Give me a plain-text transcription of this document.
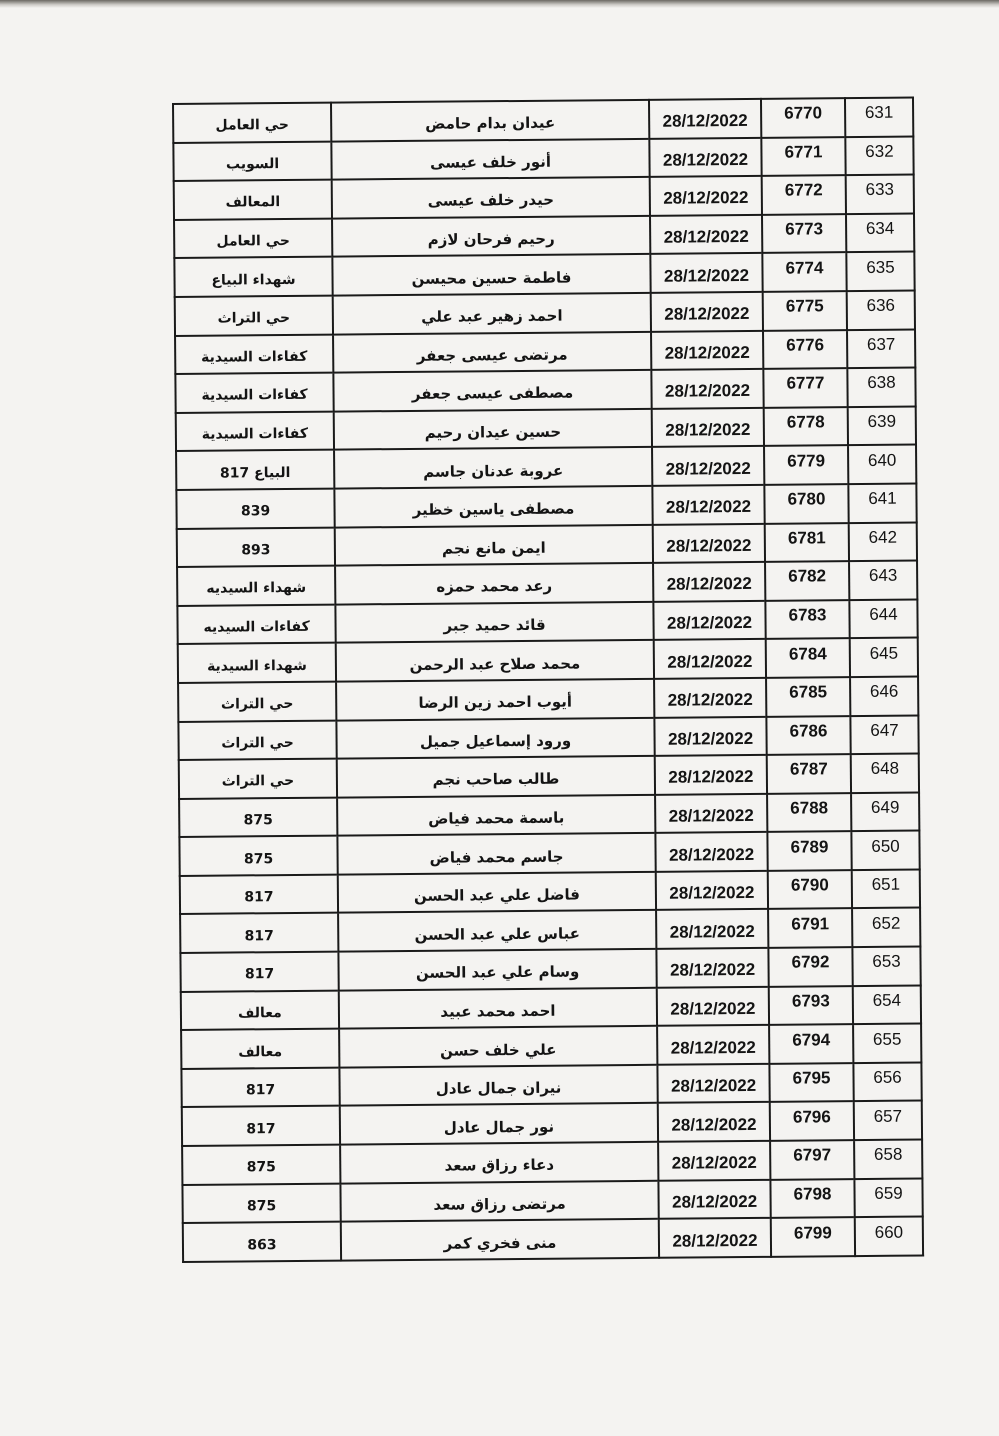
631	6770	28/12/2022	عيدان بدام حامض	حي العامل
632	6771	28/12/2022	أنور خلف عيسى	السويب
633	6772	28/12/2022	حيدر خلف عيسى	المعالف
634	6773	28/12/2022	رحيم فرحان لازم	حي العامل
635	6774	28/12/2022	فاطمة حسين محيسن	شهداء البياع
636	6775	28/12/2022	احمد زهير عبد علي	حي التراث
637	6776	28/12/2022	مرتضى عيسى جعفر	كفاءات السيدية
638	6777	28/12/2022	مصطفى عيسى جعفر	كفاءات السيدية
639	6778	28/12/2022	حسين عيدان رحيم	كفاءات السيدية
640	6779	28/12/2022	عروبة عدنان جاسم	البياع 817
641	6780	28/12/2022	مصطفى ياسين خظير	839
642	6781	28/12/2022	ايمن مانع نجم	893
643	6782	28/12/2022	رعد محمد حمزه	شهداء السيديه
644	6783	28/12/2022	قائد حميد جبر	كفاءات السيديه
645	6784	28/12/2022	محمد صلاح عبد الرحمن	شهداء السيدية
646	6785	28/12/2022	أيوب احمد زين الرضا	حي التراث
647	6786	28/12/2022	ورود إسماعيل جميل	حي التراث
648	6787	28/12/2022	طالب صاحب نجم	حي التراث
649	6788	28/12/2022	باسمة محمد فياض	875
650	6789	28/12/2022	جاسم محمد فياض	875
651	6790	28/12/2022	فاضل علي عبد الحسن	817
652	6791	28/12/2022	عباس علي عبد الحسن	817
653	6792	28/12/2022	وسام علي عبد الحسن	817
654	6793	28/12/2022	احمد محمد عبيد	معالف
655	6794	28/12/2022	علي خلف حسن	معالف
656	6795	28/12/2022	نيران جمال عادل	817
657	6796	28/12/2022	نور جمال عادل	817
658	6797	28/12/2022	دعاء رزاق سعد	875
659	6798	28/12/2022	مرتضى رزاق سعد	875
660	6799	28/12/2022	منى فخري كمر	863
